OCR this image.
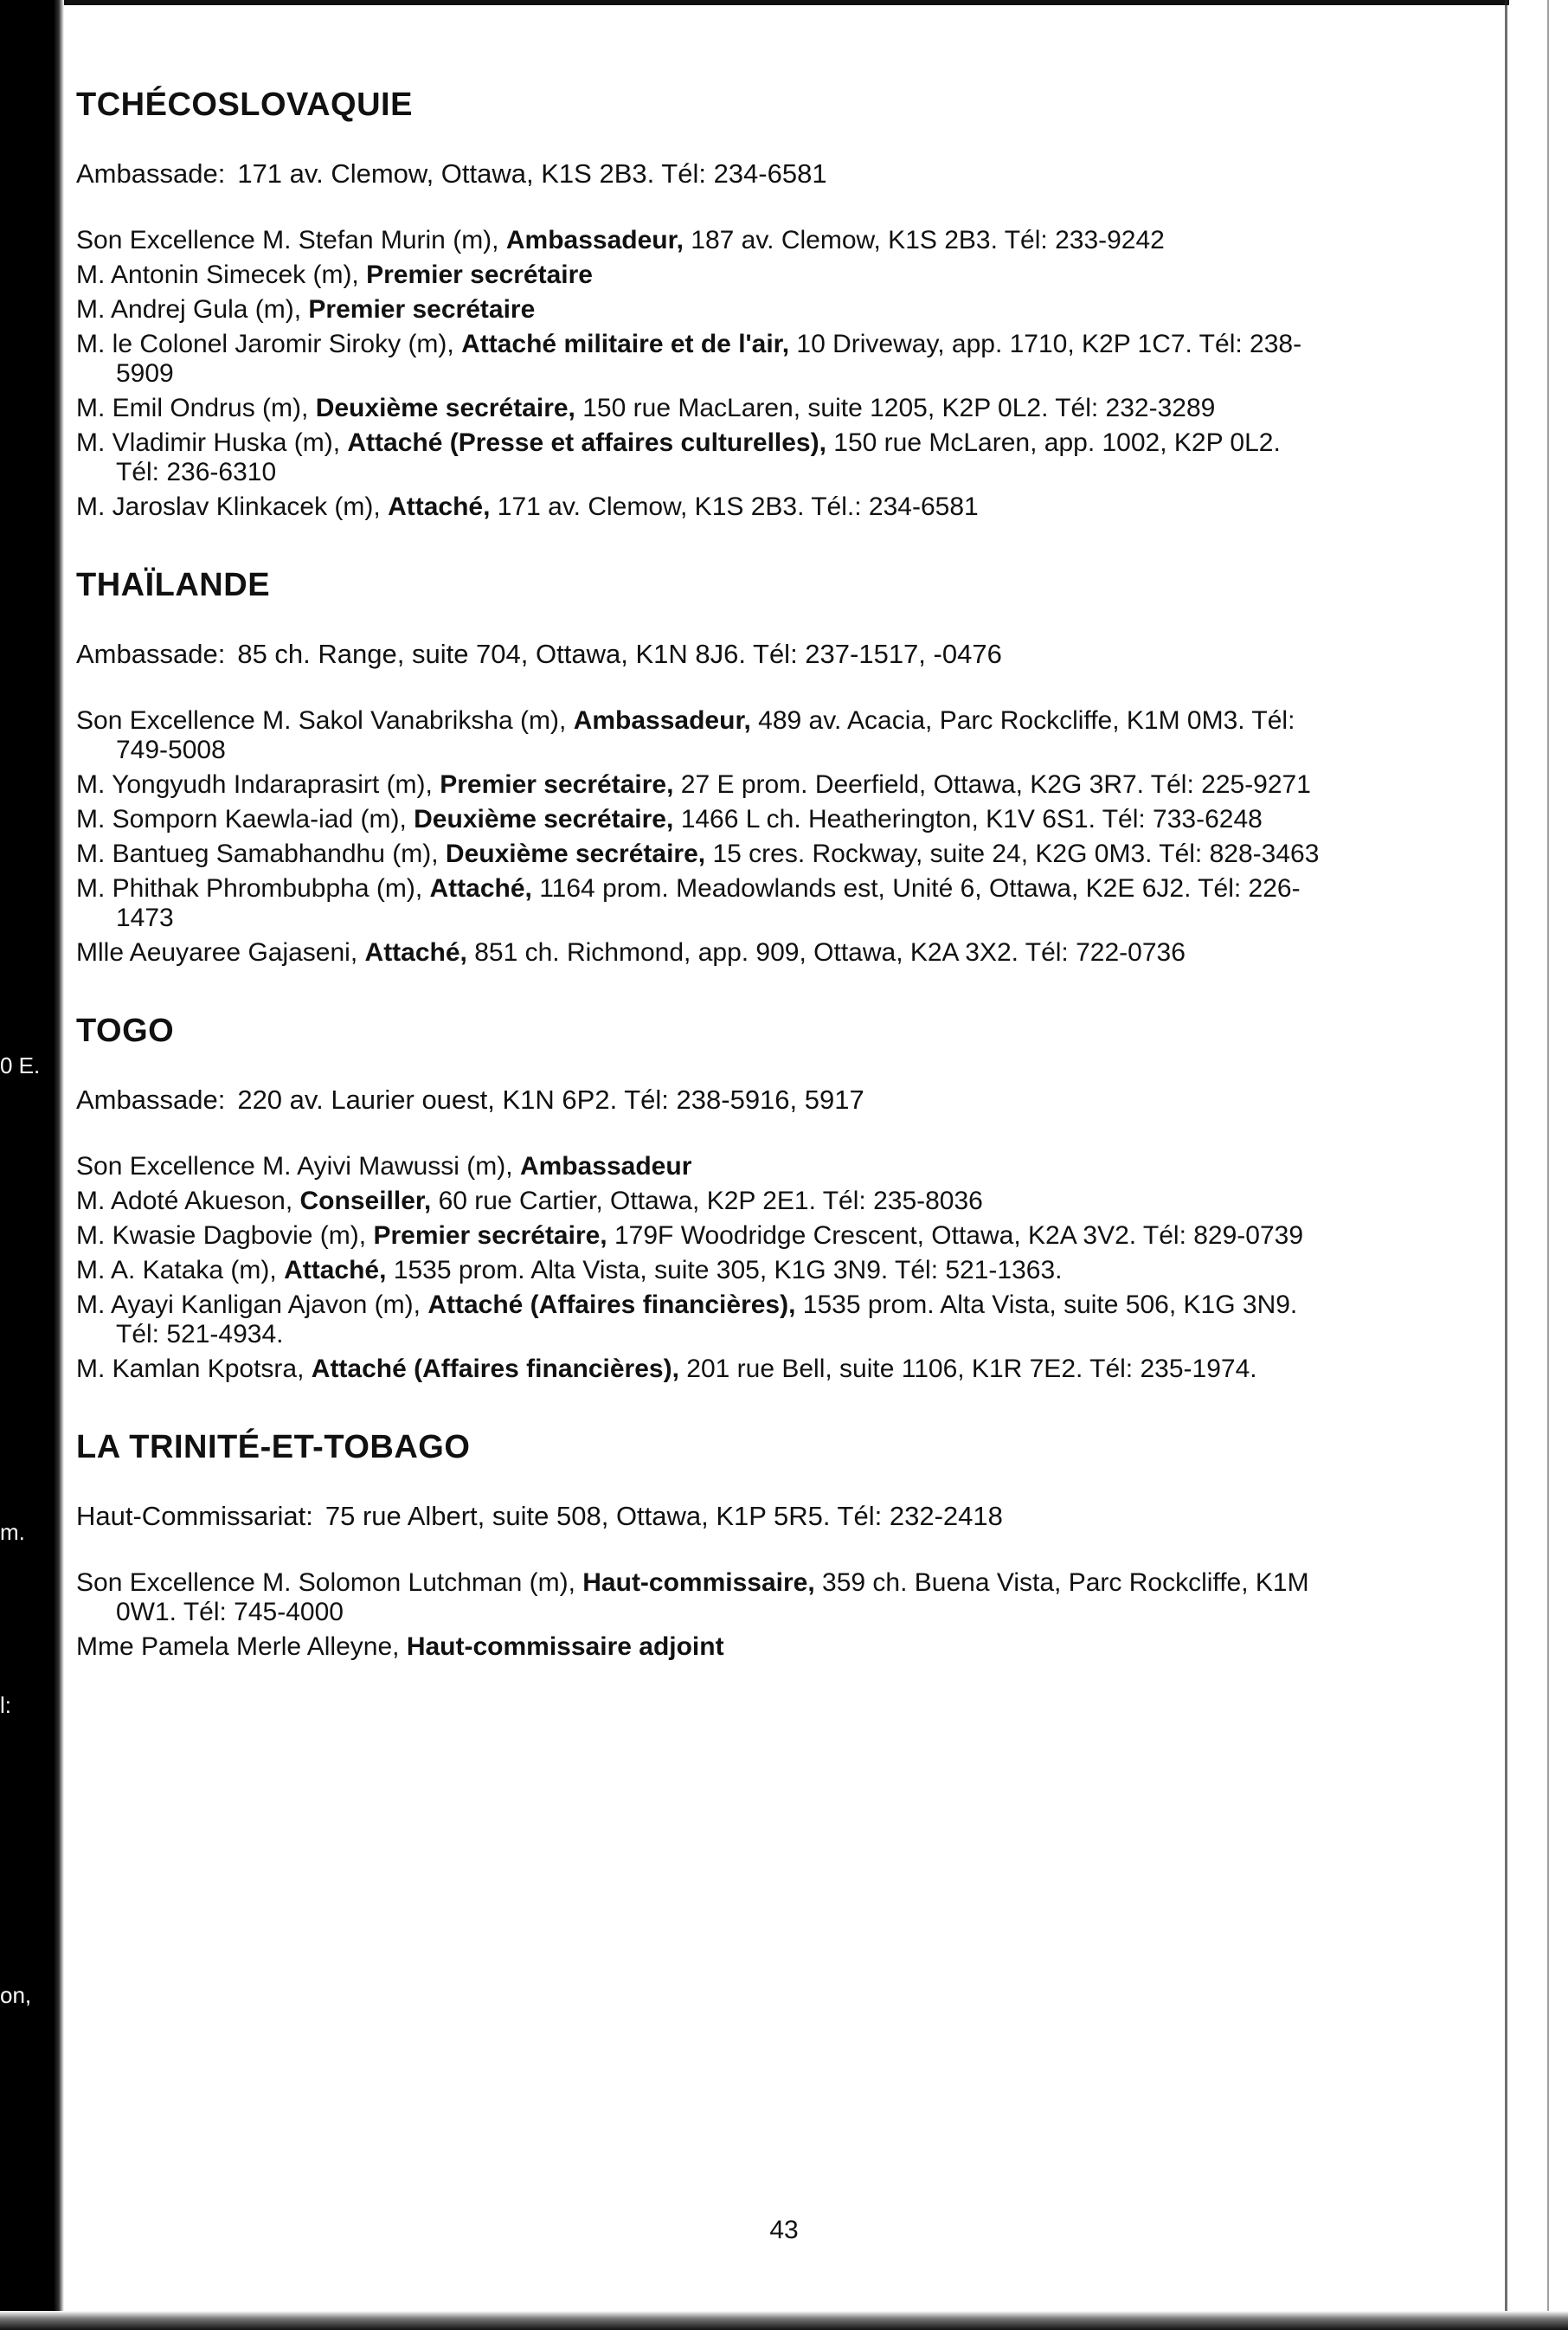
0 E.
m.
l:
on,
TCHÉCOSLOVAQUIE
Ambassade: 171 av. Clemow, Ottawa, K1S 2B3. Tél: 234-6581
Son Excellence M. Stefan Murin (m), Ambassadeur, 187 av. Clemow, K1S 2B3. Tél: 233-9242
M. Antonin Simecek (m), Premier secrétaire
M. Andrej Gula (m), Premier secrétaire
M. le Colonel Jaromir Siroky (m), Attaché militaire et de l'air, 10 Driveway, app. 1710, K2P 1C7. Tél: 238-5909
M. Emil Ondrus (m), Deuxième secrétaire, 150 rue MacLaren, suite 1205, K2P 0L2. Tél: 232-3289
M. Vladimir Huska (m), Attaché (Presse et affaires culturelles), 150 rue McLaren, app. 1002, K2P 0L2. Tél: 236-6310
M. Jaroslav Klinkacek (m), Attaché, 171 av. Clemow, K1S 2B3. Tél.: 234-6581
THAÏLANDE
Ambassade: 85 ch. Range, suite 704, Ottawa, K1N 8J6. Tél: 237-1517, -0476
Son Excellence M. Sakol Vanabriksha (m), Ambassadeur, 489 av. Acacia, Parc Rockcliffe, K1M 0M3. Tél: 749-5008
M. Yongyudh Indaraprasirt (m), Premier secrétaire, 27 E prom. Deerfield, Ottawa, K2G 3R7. Tél: 225-9271
M. Somporn Kaewla-iad (m), Deuxième secrétaire, 1466 L ch. Heatherington, K1V 6S1. Tél: 733-6248
M. Bantueg Samabhandhu (m), Deuxième secrétaire, 15 cres. Rockway, suite 24, K2G 0M3. Tél: 828-3463
M. Phithak Phrombubpha (m), Attaché, 1164 prom. Meadowlands est, Unité 6, Ottawa, K2E 6J2. Tél: 226-1473
Mlle Aeuyaree Gajaseni, Attaché, 851 ch. Richmond, app. 909, Ottawa, K2A 3X2. Tél: 722-0736
TOGO
Ambassade: 220 av. Laurier ouest, K1N 6P2. Tél: 238-5916, 5917
Son Excellence M. Ayivi Mawussi (m), Ambassadeur
M. Adoté Akueson, Conseiller, 60 rue Cartier, Ottawa, K2P 2E1. Tél: 235-8036
M. Kwasie Dagbovie (m), Premier secrétaire, 179F Woodridge Crescent, Ottawa, K2A 3V2. Tél: 829-0739
M. A. Kataka (m), Attaché, 1535 prom. Alta Vista, suite 305, K1G 3N9. Tél: 521-1363.
M. Ayayi Kanligan Ajavon (m), Attaché (Affaires financières), 1535 prom. Alta Vista, suite 506, K1G 3N9. Tél: 521-4934.
M. Kamlan Kpotsra, Attaché (Affaires financières), 201 rue Bell, suite 1106, K1R 7E2. Tél: 235-1974.
LA TRINITÉ-ET-TOBAGO
Haut-Commissariat: 75 rue Albert, suite 508, Ottawa, K1P 5R5. Tél: 232-2418
Son Excellence M. Solomon Lutchman (m), Haut-commissaire, 359 ch. Buena Vista, Parc Rockcliffe, K1M 0W1. Tél: 745-4000
Mme Pamela Merle Alleyne, Haut-commissaire adjoint
43
